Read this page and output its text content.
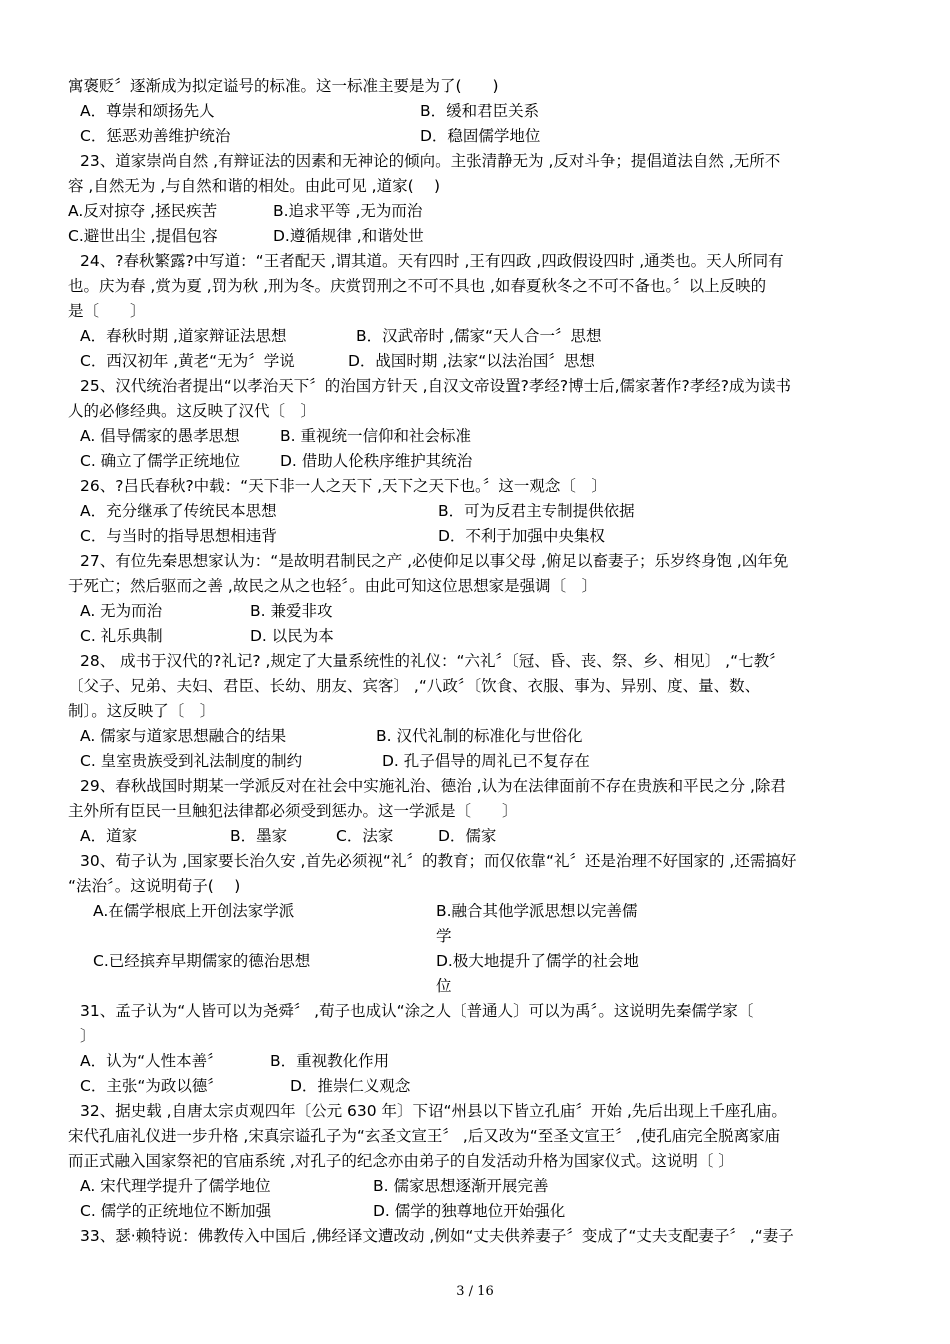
寓褒贬〞逐渐成为拟定谥号的标准。这一标准主要是为了(　　)
A．尊崇和颂扬先人	B．缓和君臣关系
C．惩恶劝善维护统治	D．稳固儒学地位
23、道家崇尚自然 ,有辩证法的因素和无神论的倾向。主张清静无为 ,反对斗争；提倡道法自然 ,无所不
容 ,自然无为 ,与自然和谐的相处。由此可见 ,道家(　 )
A.反对掠夺 ,拯民疾苦	B.追求平等 ,无为而治
C.避世出尘 ,提倡包容	D.遵循规律 ,和谐处世
24、?春秋繁露?中写道：“王者配天 ,谓其道。天有四时 ,王有四政 ,四政假设四时 ,通类也。天人所同有
也。庆为春 ,赏为夏 ,罚为秋 ,刑为冬。庆赏罚刑之不可不具也 ,如春夏秋冬之不可不备也。〞以上反映的
是〔　　〕
A．春秋时期 ,道家辩证法思想	B．汉武帝时 ,儒家“天人合一〞思想
C．西汉初年 ,黄老“无为〞学说	D．战国时期 ,法家“以法治国〞思想
25、汉代统治者提出“以孝治天下〞的治国方针天 ,自汉文帝设置?孝经?博士后,儒家著作?孝经?成为读书
人的必修经典。这反映了汉代〔　〕
A. 倡导儒家的愚孝思想	B. 重视统一信仰和社会标准
C. 确立了儒学正统地位	D. 借助人伦秩序维护其统治
26、?吕氏春秋?中载：“天下非一人之天下 ,天下之天下也。〞这一观念〔　〕
A．充分继承了传统民本思想	B．可为反君主专制提供依据
C．与当时的指导思想相违背	D．不利于加强中央集权
27、有位先秦思想家认为：“是故明君制民之产 ,必使仰足以事父母 ,俯足以畜妻子；乐岁终身饱 ,凶年免
于死亡；然后驱而之善 ,故民之从之也轻〞。由此可知这位思想家是强调〔　〕
A. 无为而治	B. 兼爱非攻
C. 礼乐典制	D. 以民为本
28、 成书于汉代的?礼记? ,规定了大量系统性的礼仪：“六礼〞〔冠、昏、丧、祭、乡、相见〕 ,“七教〞
〔父子、兄弟、夫妇、君臣、长幼、朋友、宾客〕 ,“八政〞〔饮食、衣服、事为、异别、度、量、数、
制〕。这反映了〔　〕
A. 儒家与道家思想融合的结果	B. 汉代礼制的标准化与世俗化
C. 皇室贵族受到礼法制度的制约	D. 孔子倡导的周礼已不复存在
29、春秋战国时期某一学派反对在社会中实施礼治、德治 ,认为在法律面前不存在贵族和平民之分 ,除君
主外所有臣民一旦触犯法律都必须受到惩办。这一学派是〔　　〕
A．道家	B．墨家	C．法家	D．儒家
30、荀子认为 ,国家要长治久安 ,首先必须视“礼〞的教育；而仅依靠“礼〞还是治理不好国家的 ,还需搞好
“法治〞。这说明荀子(　 )
A.在儒学根底上开创法家学派	B.融合其他学派思想以完善儒
学
C.已经摈弃早期儒家的德治思想	D.极大地提升了儒学的社会地
位
31、孟子认为“人皆可以为尧舜〞 ,荀子也成认“涂之人〔普通人〕可以为禹〞。这说明先秦儒学家〔
〕
A．认为“人性本善〞	B．重视教化作用
C．主张“为政以德〞	D．推崇仁义观念
32、据史载 ,自唐太宗贞观四年〔公元 630 年〕下诏“州县以下皆立孔庙〞开始 ,先后出现上千座孔庙。
宋代孔庙礼仪进一步升格 ,宋真宗谥孔子为“玄圣文宣王〞 ,后又改为“至圣文宣王〞 ,使孔庙完全脱离家庙
而正式融入国家祭祀的官庙系统 ,对孔子的纪念亦由弟子的自发活动升格为国家仪式。这说明〔 〕
A. 宋代理学提升了儒学地位	B. 儒家思想逐渐开展完善
C. 儒学的正统地位不断加强	D. 儒学的独尊地位开始强化
33、瑟·赖特说：佛教传入中国后 ,佛经译文遭改动 ,例如“丈夫供养妻子〞变成了“丈夫支配妻子〞 ,“妻子
3 / 16
